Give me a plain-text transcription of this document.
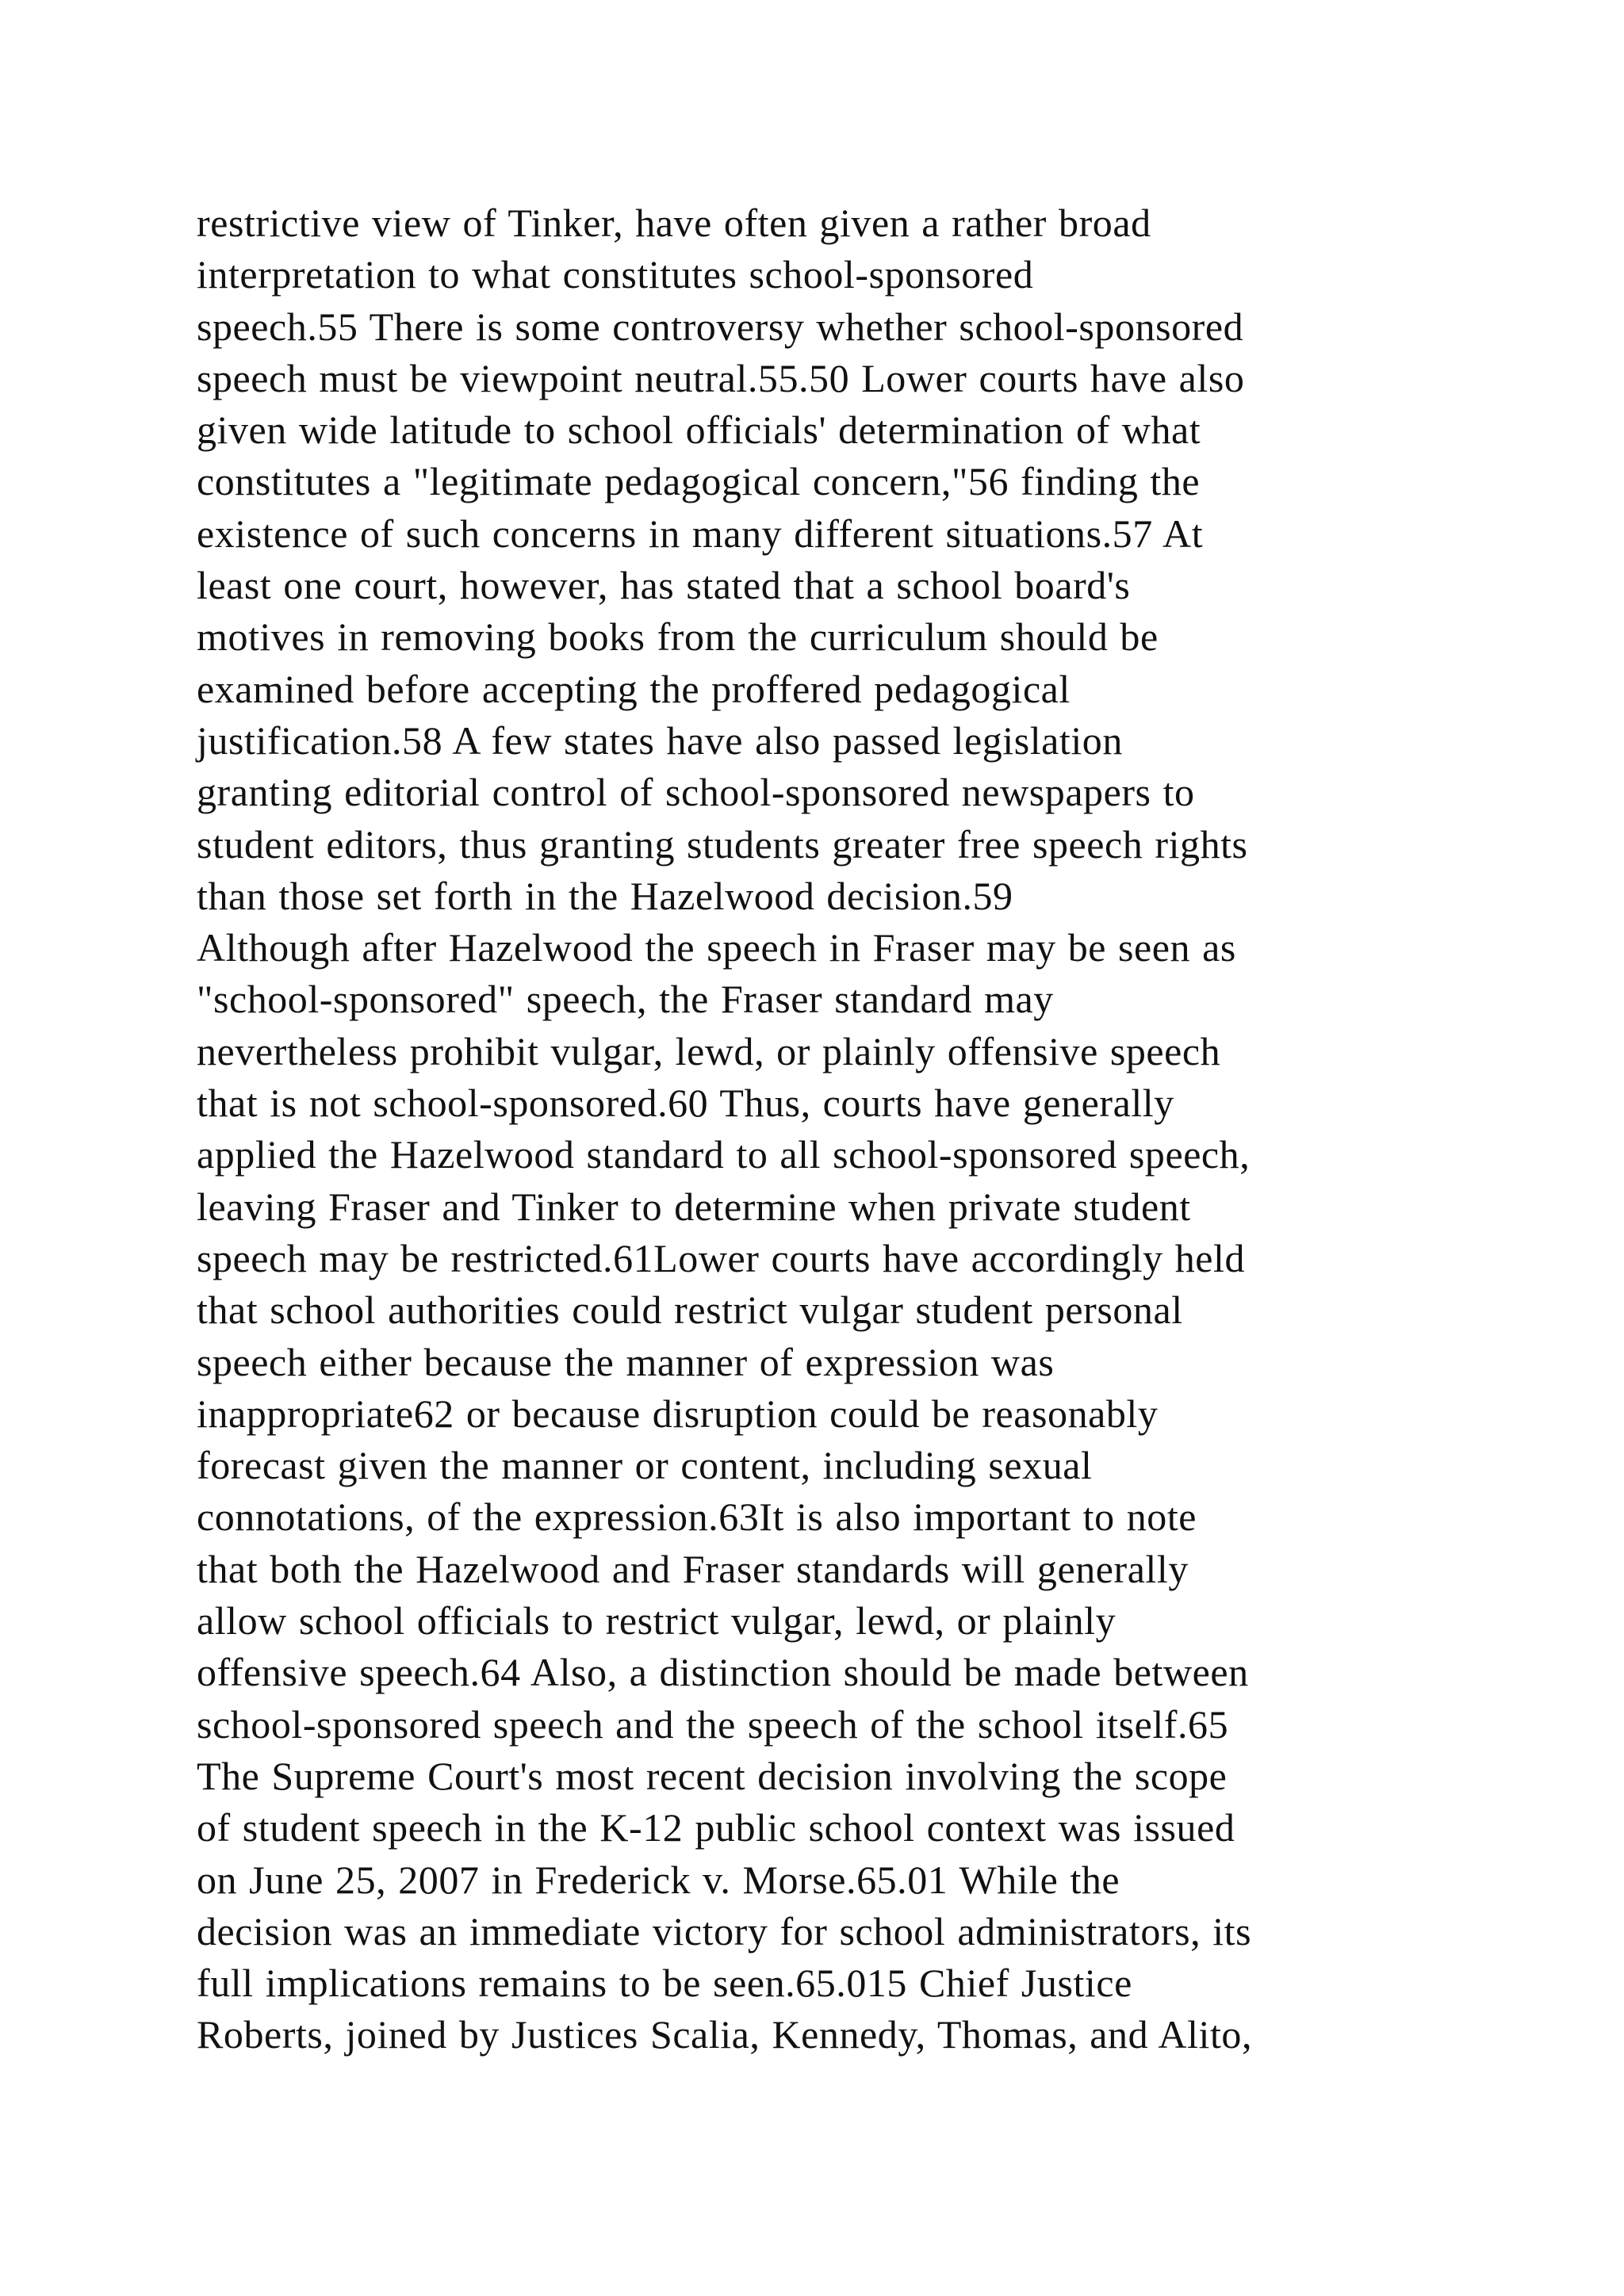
restrictive view of Tinker, have often given a rather broad
interpretation to what constitutes school-sponsored
speech.55 There is some controversy whether school-sponsored
speech must be viewpoint neutral.55.50 Lower courts have also
given wide latitude to school officials' determination of what
constitutes a "legitimate pedagogical concern,"56 finding the
existence of such concerns in many different situations.57 At
least one court, however, has stated that a school board's
motives in removing books from the curriculum should be
examined before accepting the proffered pedagogical
justification.58 A few states have also passed legislation
granting editorial control of school-sponsored newspapers to
student editors, thus granting students greater free speech rights
than those set forth in the Hazelwood decision.59
Although after Hazelwood the speech in Fraser may be seen as
"school-sponsored" speech, the Fraser standard may
nevertheless prohibit vulgar, lewd, or plainly offensive speech
that is not school-sponsored.60 Thus, courts have generally
applied the Hazelwood standard to all school-sponsored speech,
leaving Fraser and Tinker to determine when private student
speech may be restricted.61Lower courts have accordingly held
that school authorities could restrict vulgar student personal
speech either because the manner of expression was
inappropriate62 or because disruption could be reasonably
forecast given the manner or content, including sexual
connotations, of the expression.63It is also important to note
that both the Hazelwood and Fraser standards will generally
allow school officials to restrict vulgar, lewd, or plainly
offensive speech.64 Also, a distinction should be made between
school-sponsored speech and the speech of the school itself.65
The Supreme Court's most recent decision involving the scope
of student speech in the K-12 public school context was issued
on June 25, 2007 in Frederick v. Morse.65.01 While the
decision was an immediate victory for school administrators, its
full implications remains to be seen.65.015 Chief Justice
Roberts, joined by Justices Scalia, Kennedy, Thomas, and Alito,
